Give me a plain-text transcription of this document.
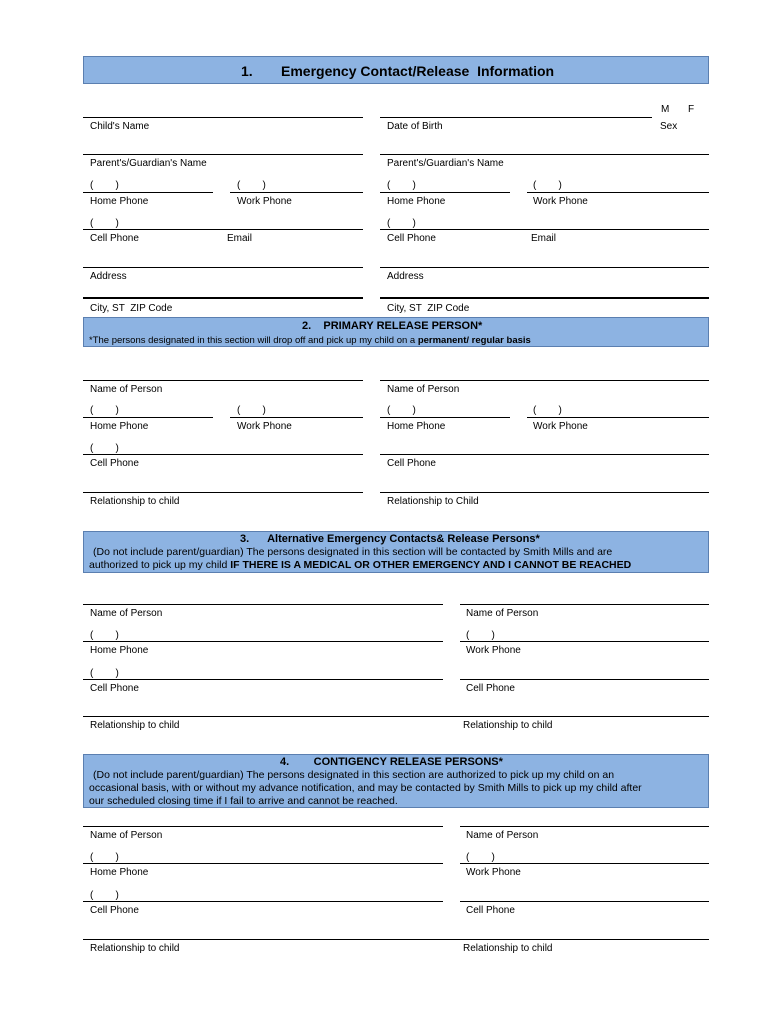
1. Emergency Contact/Release  Information
M F
Child's Name	Date of Birth	Sex
Parent's/Guardian's Name	Parent's/Guardian's Name
(        )	(        )	(        )	(        )
Home Phone	Work Phone	Home Phone	Work Phone
(        )	(        )
Cell Phone	Email	Cell Phone	Email
Address	Address
City, ST  ZIP Code	City, ST  ZIP Code
2.    PRIMARY RELEASE PERSON*
*The persons designated in this section will drop off and pick up my child on a permanent/ regular basis
Name of Person	Name of Person
(        )	(        )	(        )	(        )
Home Phone	Work Phone	Home Phone	Work Phone
(        )
Cell Phone	Cell Phone
Relationship to child	Relationship to Child
3.      Alternative Emergency Contacts& Release Persons*
(Do not include parent/guardian) The persons designated in this section will be contacted by Smith Mills and are
authorized to pick up my child IF THERE IS A MEDICAL OR OTHER EMERGENCY AND I CANNOT BE REACHED
Name of Person	Name of Person
(        )	(        )
Home Phone	Work Phone
(        )
Cell Phone	Cell Phone
Relationship to child	Relationship to child
4.        CONTIGENCY RELEASE PERSONS*
(Do not include parent/guardian) The persons designated in this section are authorized to pick up my child on an
occasional basis, with or without my advance notification, and may be contacted by Smith Mills to pick up my child after
our scheduled closing time if I fail to arrive and cannot be reached.
Name of Person	Name of Person
(        )	(        )
Home Phone	Work Phone
(        )
Cell Phone	Cell Phone
Relationship to child	Relationship to child
